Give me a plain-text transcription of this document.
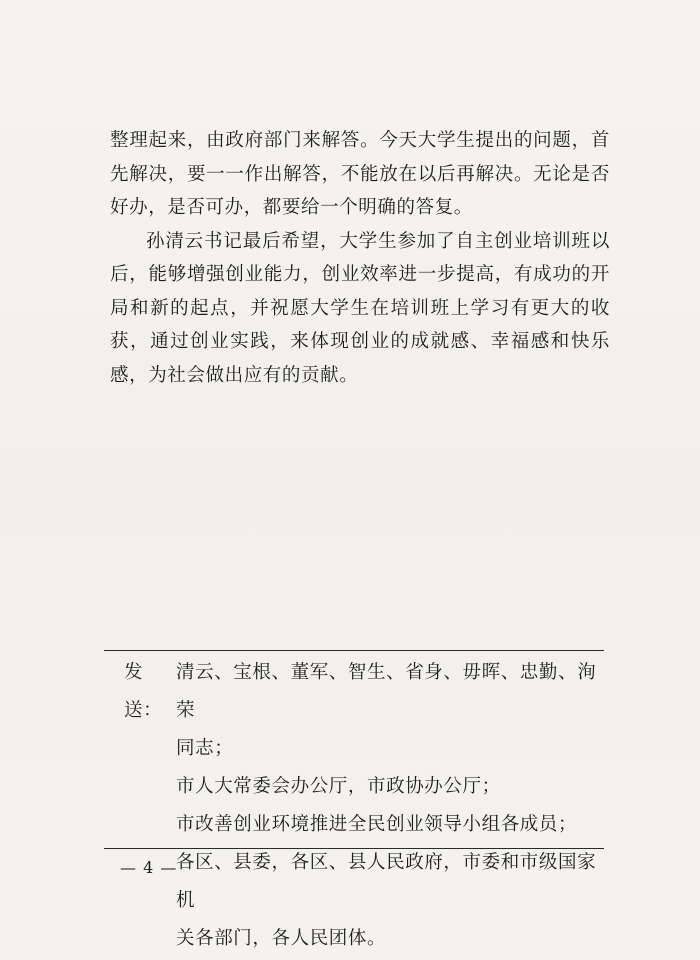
整理起来，由政府部门来解答。今天大学生提出的问题，首先解决，要一一作出解答，不能放在以后再解决。无论是否好办，是否可办，都要给一个明确的答复。

孙清云书记最后希望，大学生参加了自主创业培训班以后，能够增强创业能力，创业效率进一步提高，有成功的开局和新的起点，并祝愿大学生在培训班上学习有更大的收获，通过创业实践，来体现创业的成就感、幸福感和快乐感，为社会做出应有的贡献。

发送：
清云、宝根、董军、智生、省身、毋晖、忠勤、洵荣
同志；
市人大常委会办公厅，市政协办公厅；
市改善创业环境推进全民创业领导小组各成员；
各区、县委，各区、县人民政府，市委和市级国家机
关各部门，各人民团体。
— 4 —
